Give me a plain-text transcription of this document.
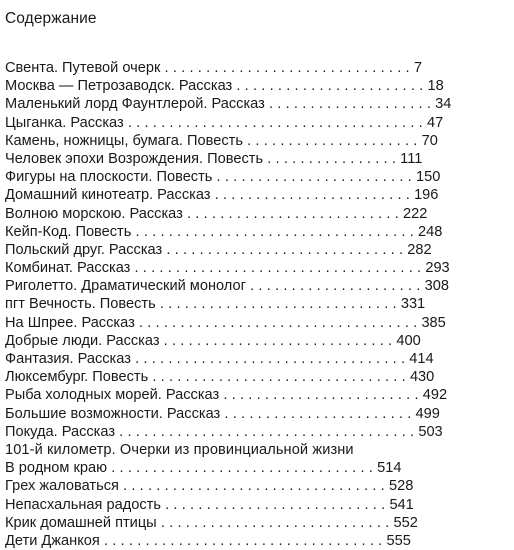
Содержание
Свента. Путевой очерк . . . . . . . . . . . . . . . . . . . . . . . . . . . . . . 7
Москва — Петрозаводск. Рассказ . . . . . . . . . . . . . . . . . . . . . . . 18
Маленький лорд Фаунтлерой. Рассказ . . . . . . . . . . . . . . . . . . . . 34
Цыганка. Рассказ . . . . . . . . . . . . . . . . . . . . . . . . . . . . . . . . . . . . 47
Камень, ножницы, бумага. Повесть . . . . . . . . . . . . . . . . . . . . . 70
Человек эпохи Возрождения. Повесть . . . . . . . . . . . . . . . . 111
Фигуры на плоскости. Повесть . . . . . . . . . . . . . . . . . . . . . . . . 150
Домашний кинотеатр. Рассказ . . . . . . . . . . . . . . . . . . . . . . . . 196
Волною морскою. Рассказ . . . . . . . . . . . . . . . . . . . . . . . . . . 222
Кейп-Код. Повесть . . . . . . . . . . . . . . . . . . . . . . . . . . . . . . . . . . 248
Польский друг. Рассказ . . . . . . . . . . . . . . . . . . . . . . . . . . . . . 282
Комбинат. Рассказ . . . . . . . . . . . . . . . . . . . . . . . . . . . . . . . . . . . 293
Риголетто. Драматический монолог . . . . . . . . . . . . . . . . . . . . . 308
пгт Вечность. Повесть . . . . . . . . . . . . . . . . . . . . . . . . . . . . . 331
На Шпрее. Рассказ . . . . . . . . . . . . . . . . . . . . . . . . . . . . . . . . . . 385
Добрые люди. Рассказ . . . . . . . . . . . . . . . . . . . . . . . . . . . . 400
Фантазия. Рассказ . . . . . . . . . . . . . . . . . . . . . . . . . . . . . . . . . 414
Люксембург. Повесть . . . . . . . . . . . . . . . . . . . . . . . . . . . . . . . 430
Рыба холодных морей. Рассказ . . . . . . . . . . . . . . . . . . . . . . . . 492
Большие возможности. Рассказ . . . . . . . . . . . . . . . . . . . . . . . 499
Покуда. Рассказ . . . . . . . . . . . . . . . . . . . . . . . . . . . . . . . . . . . . 503
101-й километр. Очерки из провинциальной жизни
В родном краю . . . . . . . . . . . . . . . . . . . . . . . . . . . . . . . . 514
Грех жаловаться . . . . . . . . . . . . . . . . . . . . . . . . . . . . . . . . 528
Непасхальная радость . . . . . . . . . . . . . . . . . . . . . . . . . . . 541
Крик домашней птицы . . . . . . . . . . . . . . . . . . . . . . . . . . . . 552
Дети Джанкоя . . . . . . . . . . . . . . . . . . . . . . . . . . . . . . . . . . 555
